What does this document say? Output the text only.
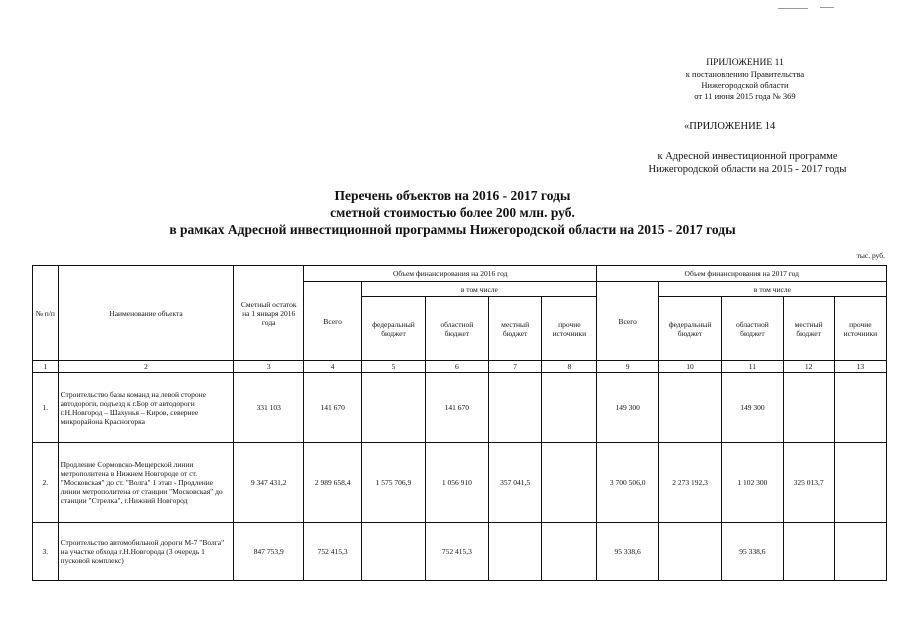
ПРИЛОЖЕНИЕ 11
к постановлению Правительства
Нижегородской области
от 11 июня 2015 года № 369
«ПРИЛОЖЕНИЕ 14
к Адресной инвестиционной программе
Нижегородской области на 2015 - 2017 годы
Перечень объектов на 2016 - 2017 годы
сметной стоимостью более 200 млн. руб.
в рамках Адресной инвестиционной программы Нижегородской области на 2015 - 2017 годы
тыс. руб.
№ п/п	Наименование объекта	Сметный остаток на 1 января 2016 года	Объем финансирования на 2016 год					Объем финансирования на 2017 год				
			Всего	в том числе				Всего	в том числе			
				федеральный бюджет	областной бюджет	местный бюджет	прочие источники		федеральный бюджет	областной бюджет	местный бюджет	прочие источники
1	2	3	4	5	6	7	8	9	10	11	12	13
1.	Строительство базы команд на левой стороне автодороги, подъезд к г.Бор от автодороги г.Н.Новгород – Шахунья – Киров, севернее микрорайона Красногорка	331 103	141 670		141 670			149 300		149 300		
2.	Продление Сормовско-Мещерской линии метрополитена в Нижнем Новгороде от ст. "Московская" до ст. "Волга" 1 этап - Продление линии метрополитена от станции "Московская" до станции "Стрелка", г.Нижний Новгород	9 347 431,2	2 989 658,4	1 575 706,9	1 056 910	357 041,5		3 700 506,0	2 273 192,3	1 102 300	325 013,7	
3.	Строительство автомобильной дороги М-7 "Волга" на участке обхода г.Н.Новгорода (3 очередь 1 пусковой комплекс)	847 753,9	752 415,3		752 415,3			95 338,6		95 338,6		
